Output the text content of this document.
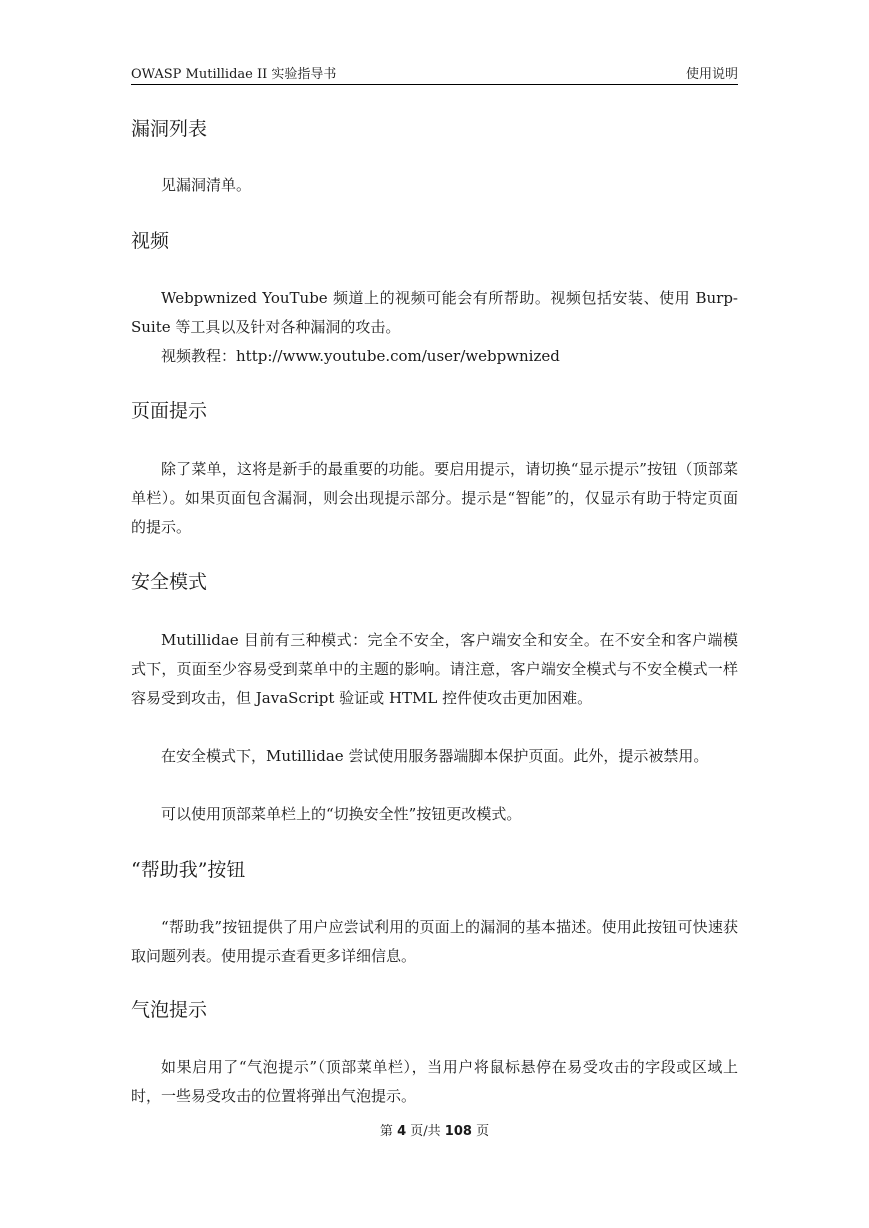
OWASP Mutillidae II 实验指导书	使用说明
漏洞列表
见漏洞清单。
视频
Webpwnized YouTube 频道上的视频可能会有所帮助。视频包括安装、使用 Burp-Suite 等工具以及针对各种漏洞的攻击。
视频教程：http://www.youtube.com/user/webpwnized
页面提示
除了菜单，这将是新手的最重要的功能。要启用提示，请切换“显示提示”按钮（顶部菜单栏）。如果页面包含漏洞，则会出现提示部分。提示是“智能”的，仅显示有助于特定页面的提示。
安全模式
Mutillidae 目前有三种模式：完全不安全，客户端安全和安全。在不安全和客户端模式下，页面至少容易受到菜单中的主题的影响。请注意，客户端安全模式与不安全模式一样容易受到攻击，但 JavaScript 验证或 HTML 控件使攻击更加困难。
在安全模式下，Mutillidae 尝试使用服务器端脚本保护页面。此外，提示被禁用。
可以使用顶部菜单栏上的“切换安全性”按钮更改模式。
“帮助我”按钮
“帮助我”按钮提供了用户应尝试利用的页面上的漏洞的基本描述。使用此按钮可快速获取问题列表。使用提示查看更多详细信息。
气泡提示
如果启用了“气泡提示”（顶部菜单栏），当用户将鼠标悬停在易受攻击的字段或区域上时，一些易受攻击的位置将弹出气泡提示。
第 4 页/共 108 页
